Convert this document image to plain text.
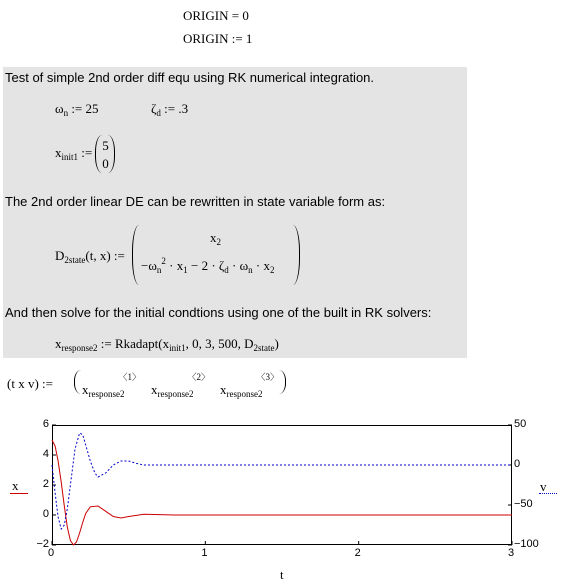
ORIGIN = 0
ORIGIN := 1
Test of simple 2nd order diff equ using RK numerical integration.
$\omega_n$ := 25	$\zeta_d$ := .3
$x_{init1}$ := 5
0
The 2nd order linear DE can be rewritten in state variable form as:
$D_{2state}(t$, x) :=
$x_2$
$-\omega_n^2 \cdot x_1 - 2 \cdot \zeta_d \cdot \omega_n \cdot x_2$
And then solve for the initial condtions using one of the built in RK solvers:
$x_{response2}$ := $Rkadapt(x_{init1}$, 0, 3, 500, $D_{2state}$)
(t x v) := $x_{response2}^{〈1〉}$
$x_{response2}^{〈2〉}$
$x_{response2}^{〈3〉}$
x	v
t
6
4
2
0
−2
50
0
−50
−100
0	1	2	3
